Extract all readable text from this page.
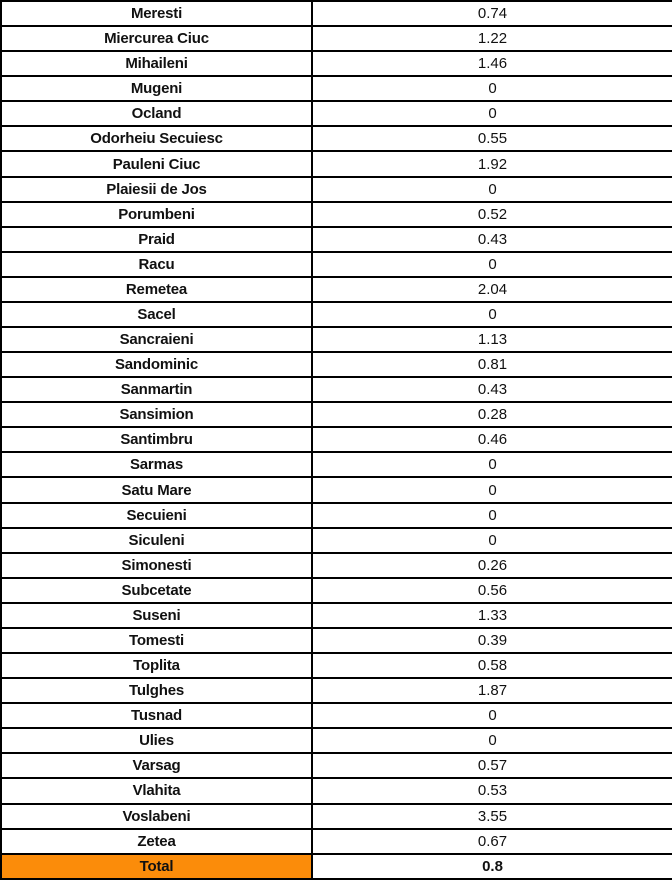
Meresti	0.74
Miercurea Ciuc	1.22
Mihaileni	1.46
Mugeni	0
Ocland	0
Odorheiu Secuiesc	0.55
Pauleni Ciuc	1.92
Plaiesii de Jos	0
Porumbeni	0.52
Praid	0.43
Racu	0
Remetea	2.04
Sacel	0
Sancraieni	1.13
Sandominic	0.81
Sanmartin	0.43
Sansimion	0.28
Santimbru	0.46
Sarmas	0
Satu Mare	0
Secuieni	0
Siculeni	0
Simonesti	0.26
Subcetate	0.56
Suseni	1.33
Tomesti	0.39
Toplita	0.58
Tulghes	1.87
Tusnad	0
Ulies	0
Varsag	0.57
Vlahita	0.53
Voslabeni	3.55
Zetea	0.67
Total	0.8
